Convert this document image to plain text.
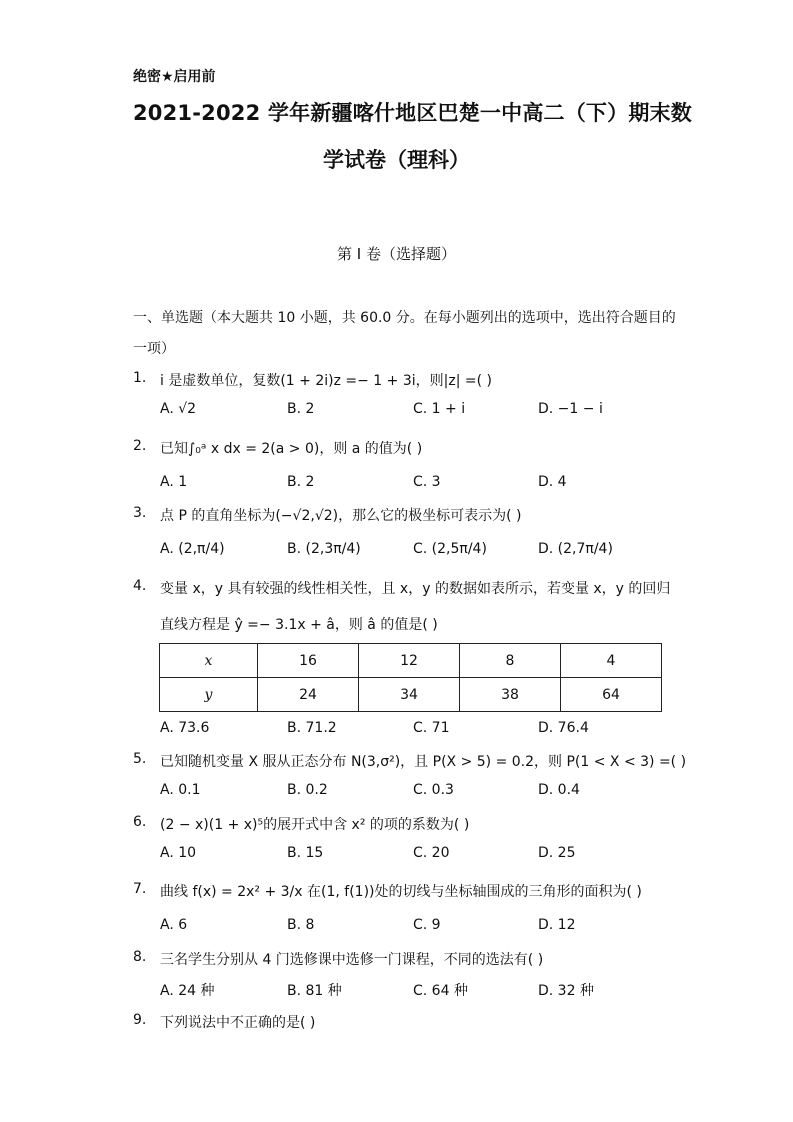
绝密★启用前
2021-2022 学年新疆喀什地区巴楚一中高二（下）期末数
学试卷（理科）
第 I 卷（选择题）
一、单选题（本大题共 10 小题，共 60.0 分。在每小题列出的选项中，选出符合题目的
一项）
1. i 是虚数单位，复数(1 + 2i)z =− 1 + 3i，则|z| =( )
A. √2	B. 2	C. 1 + i	D. −1 − i
2. 已知∫₀ᵃ x dx = 2(a > 0)，则 a 的值为( )
A. 1	B. 2	C. 3	D. 4
3. 点 P 的直角坐标为(−√2,√2)，那么它的极坐标可表示为( )
A. (2,π/4)	B. (2,3π/4)	C. (2,5π/4)	D. (2,7π/4)
4. 变量 x，y 具有较强的线性相关性，且 x，y 的数据如表所示，若变量 x，y 的回归
直线方程是 ŷ =− 3.1x + â，则 â 的值是( )
x	16	12	8	4
y	24	34	38	64
A. 73.6	B. 71.2	C. 71	D. 76.4
5. 已知随机变量 X 服从正态分布 N(3,σ²)，且 P(X > 5) = 0.2，则 P(1 < X < 3) =( )
A. 0.1	B. 0.2	C. 0.3	D. 0.4
6. (2 − x)(1 + x)⁵的展开式中含 x² 的项的系数为( )
A. 10	B. 15	C. 20	D. 25
7. 曲线 f(x) = 2x² + 3/x 在(1, f(1))处的切线与坐标轴围成的三角形的面积为( )
A. 6	B. 8	C. 9	D. 12
8. 三名学生分别从 4 门选修课中选修一门课程，不同的选法有( )
A. 24 种	B. 81 种	C. 64 种	D. 32 种
9. 下列说法中不正确的是( )
